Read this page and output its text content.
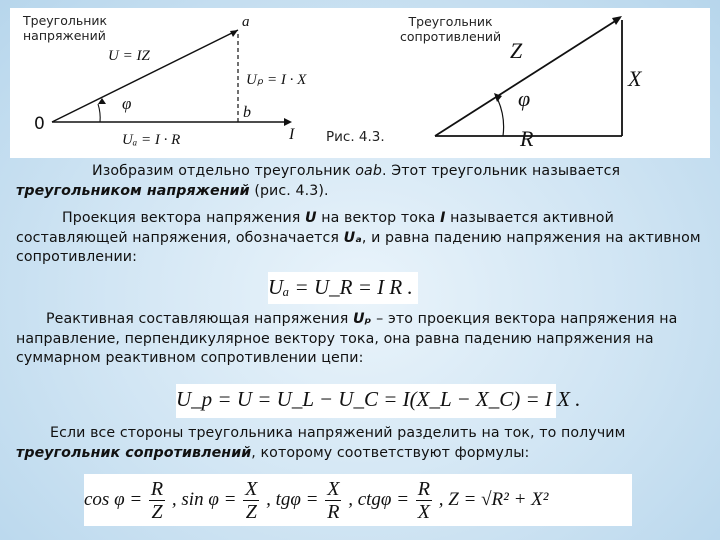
Треугольник
напряжений
Треугольник
сопротивлений
a
U = IZ
Uₚ = I · X
φ
0
b
I
Uₐ = I · R	Рис. 4.3.
Z
X
φ
R
Изобразим отдельно треугольник oab. Этот треугольник называется треугольником напряжений (рис. 4.3).
Проекция вектора напряжения U на вектор тока I называется активной составляющей напряжения, обозначается Uₐ, и равна падению напряжения на активном сопротивлении:
Uₐ = U_R = I R .
Реактивная составляющая напряжения Uₚ – это проекция вектора напряжения на направление, перпендикулярное вектору тока, она равна падению напряжения на суммарном реактивном сопротивлении цепи:
U_p = U = U_L − U_C = I(X_L − X_C) = I X .
Если все стороны треугольника напряжений разделить на ток, то получим треугольник сопротивлений, которому соответствуют формулы:
$\cos \varphi = \frac{R}{Z}$ , $\sin \varphi = \frac{X}{Z}$ , $tg\varphi = \frac{X}{R}$ , $ctg\varphi = \frac{R}{X}$ , Z = √R² + X²
